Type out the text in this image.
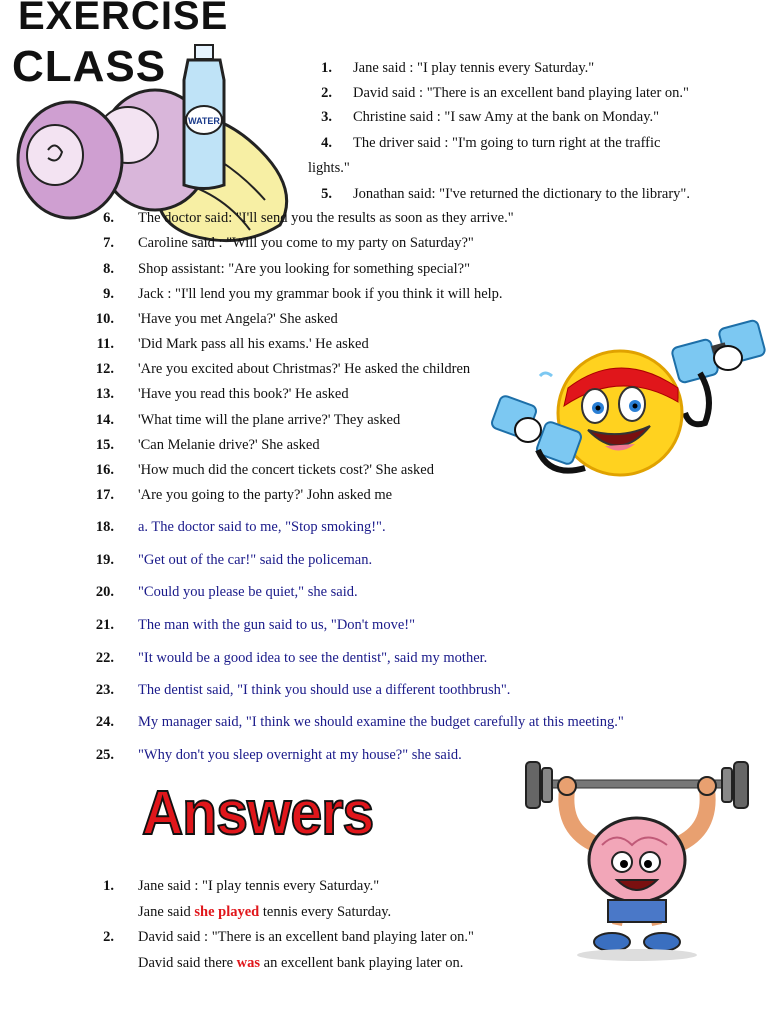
EXERCISE
CLASS
WATER
1. Jane said : "I play tennis every Saturday."
2. David said : "There is an excellent band playing later on."
3. Christine said : "I saw Amy at the bank on Monday."
4. The driver said : "I'm going to turn right at the traffic
lights."
5. Jonathan said: "I've returned the dictionary to the library".
6. The doctor said: "I'll send you the results as soon as they arrive."
7. Caroline said : "Will you come to my party on Saturday?"
8. Shop assistant: "Are you looking for something special?"
9. Jack : "I'll lend you my grammar book if you think it will help.
10. 'Have you met Angela?' She asked
11. 'Did Mark pass all his exams.' He asked
12. 'Are you excited about Christmas?' He asked the children
13. 'Have you read this book?' He asked
14. 'What time will the plane arrive?' They asked
15. 'Can Melanie drive?' She asked
16. 'How much did the concert tickets cost?' She asked
17. 'Are you going to the party?' John asked me
18. a. The doctor said to me, "Stop smoking!".
19. "Get out of the car!" said the policeman.
20. "Could you please be quiet," she said.
21. The man with the gun said to us, "Don't move!"
22. "It would be a good idea to see the dentist", said my mother.
23. The dentist said, "I think you should use a different toothbrush".
24. My manager said, "I think we should examine the budget carefully at this meeting."
25. "Why don't you sleep overnight at my house?" she said.
Answers
1. Jane said : "I play tennis every Saturday."
Jane said she played tennis every Saturday.
2. David said : "There is an excellent band playing later on."
David said there was an excellent bank playing later on.
